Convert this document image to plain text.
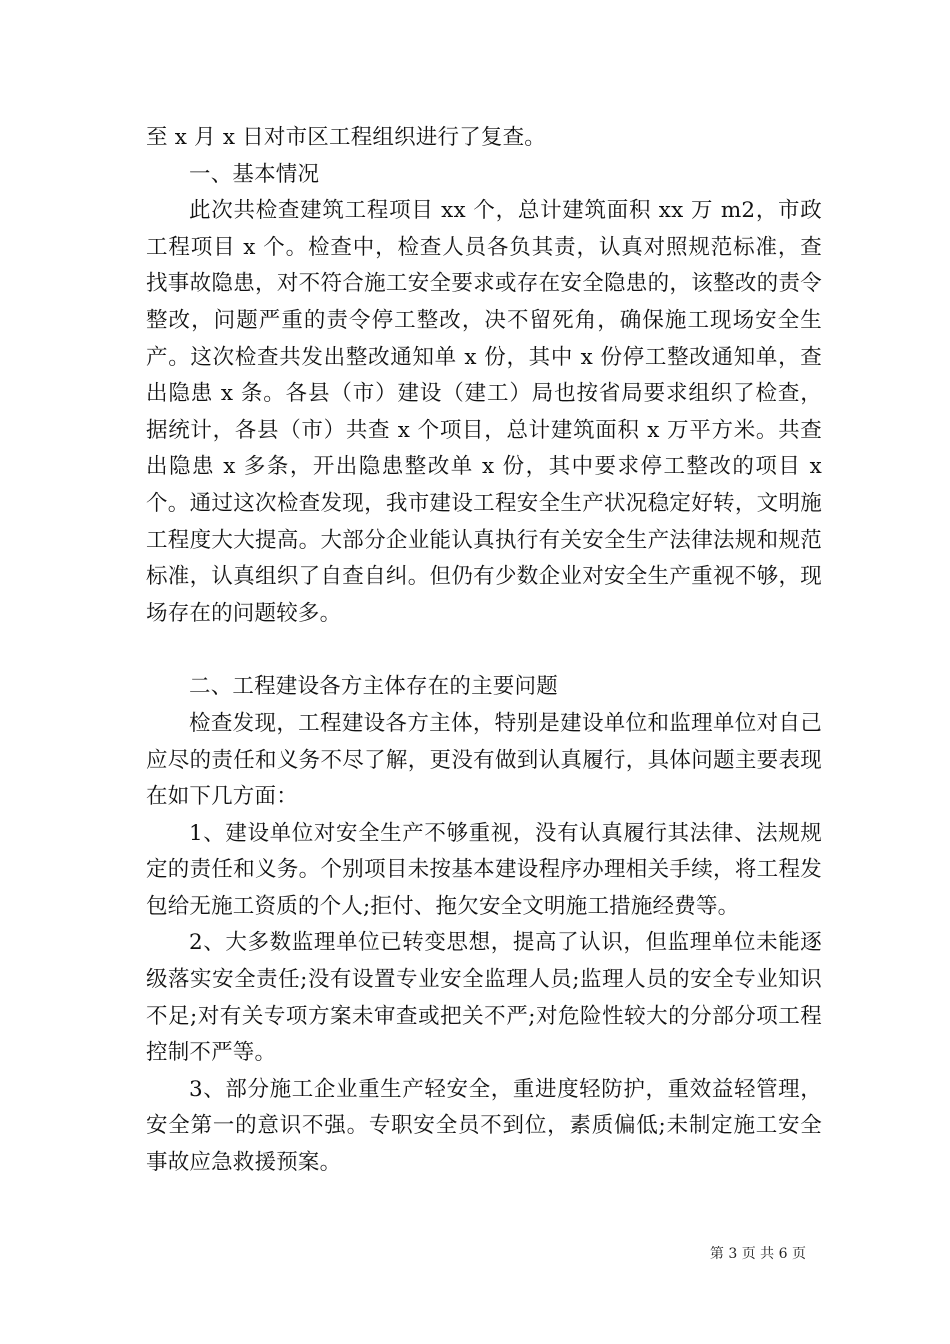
至 x 月 x 日对市区工程组织进行了复查。

一、基本情况

此次共检查建筑工程项目 xx 个，总计建筑面积 xx 万 m2，市政工程项目 x 个。检查中，检查人员各负其责，认真对照规范标准，查找事故隐患，对不符合施工安全要求或存在安全隐患的，该整改的责令整改，问题严重的责令停工整改，决不留死角，确保施工现场安全生产。这次检查共发出整改通知单 x 份，其中 x 份停工整改通知单，查出隐患 x 条。各县（市）建设（建工）局也按省局要求组织了检查，据统计，各县（市）共查 x 个项目，总计建筑面积 x 万平方米。共查出隐患 x 多条，开出隐患整改单 x 份，其中要求停工整改的项目 x 个。通过这次检查发现，我市建设工程安全生产状况稳定好转，文明施工程度大大提高。大部分企业能认真执行有关安全生产法律法规和规范标准，认真组织了自查自纠。但仍有少数企业对安全生产重视不够，现场存在的问题较多。

二、工程建设各方主体存在的主要问题

检查发现，工程建设各方主体，特别是建设单位和监理单位对自己应尽的责任和义务不尽了解，更没有做到认真履行，具体问题主要表现在如下几方面：

1、建设单位对安全生产不够重视，没有认真履行其法律、法规规定的责任和义务。个别项目未按基本建设程序办理相关手续，将工程发包给无施工资质的个人;拒付、拖欠安全文明施工措施经费等。

2、大多数监理单位已转变思想，提高了认识，但监理单位未能逐级落实安全责任;没有设置专业安全监理人员;监理人员的安全专业知识不足;对有关专项方案未审查或把关不严;对危险性较大的分部分项工程控制不严等。

3、部分施工企业重生产轻安全，重进度轻防护，重效益轻管理，安全第一的意识不强。专职安全员不到位，素质偏低;未制定施工安全事故应急救援预案。

第 3 页 共 6 页
